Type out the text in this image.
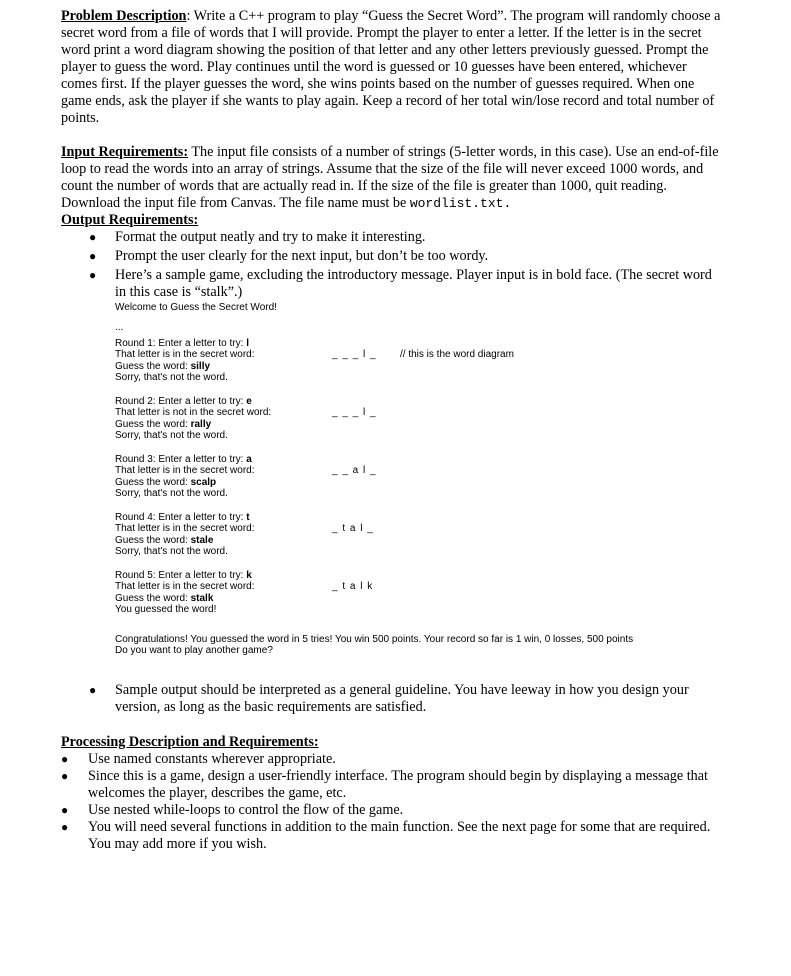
Problem Description: Write a C++ program to play “Guess the Secret Word”. The program will randomly choose a secret word from a file of words that I will provide. Prompt the player to enter a letter. If the letter is in the secret word print a word diagram showing the position of that letter and any other letters previously guessed. Prompt the player to guess the word. Play continues until the word is guessed or 10 guesses have been entered, whichever comes first. If the player guesses the word, she wins points based on the number of guesses required. When one game ends, ask the player if she wants to play again. Keep a record of her total win/lose record and total number of points.

Input Requirements: The input file consists of a number of strings (5-letter words, in this case). Use an end-of-file loop to read the words into an array of strings. Assume that the size of the file will never exceed 1000 words, and count the number of words that are actually read in. If the size of the file is greater than 1000, quit reading. Download the input file from Canvas. The file name must be wordlist.txt.

Output Requirements:

● Format the output neatly and try to make it interesting.
● Prompt the user clearly for the next input, but don’t be too wordy.
● Here’s a sample game, excluding the introductory message. Player input is in bold face. (The secret word in this case is “stalk”.)
Welcome to Guess the Secret Word!
...
Round 1: Enter a letter to try: l
That letter is in the secret word:
Guess the word: silly
Sorry, that's not the word.
_ _ _ l _ // this is the word diagram
Round 2: Enter a letter to try: e
That letter is not in the secret word:
Guess the word: rally
Sorry, that's not the word.
_ _ _ l _
Round 3: Enter a letter to try: a
That letter is in the secret word:
Guess the word: scalp
Sorry, that's not the word.
_ _ a l _
Round 4: Enter a letter to try: t
That letter is in the secret word:
Guess the word: stale
Sorry, that's not the word.
_ t a l _
Round 5: Enter a letter to try: k
That letter is in the secret word:
Guess the word: stalk
You guessed the word!
_ t a l k
Congratulations! You guessed the word in 5 tries! You win 500 points. Your record so far is 1 win, 0 losses, 500 points
Do you want to play another game?
● Sample output should be interpreted as a general guideline. You have leeway in how you design your version, as long as the basic requirements are satisfied.

Processing Description and Requirements:

● Use named constants wherever appropriate.
● Since this is a game, design a user-friendly interface. The program should begin by displaying a message that welcomes the player, describes the game, etc.
● Use nested while-loops to control the flow of the game.
● You will need several functions in addition to the main function. See the next page for some that are required. You may add more if you wish.
